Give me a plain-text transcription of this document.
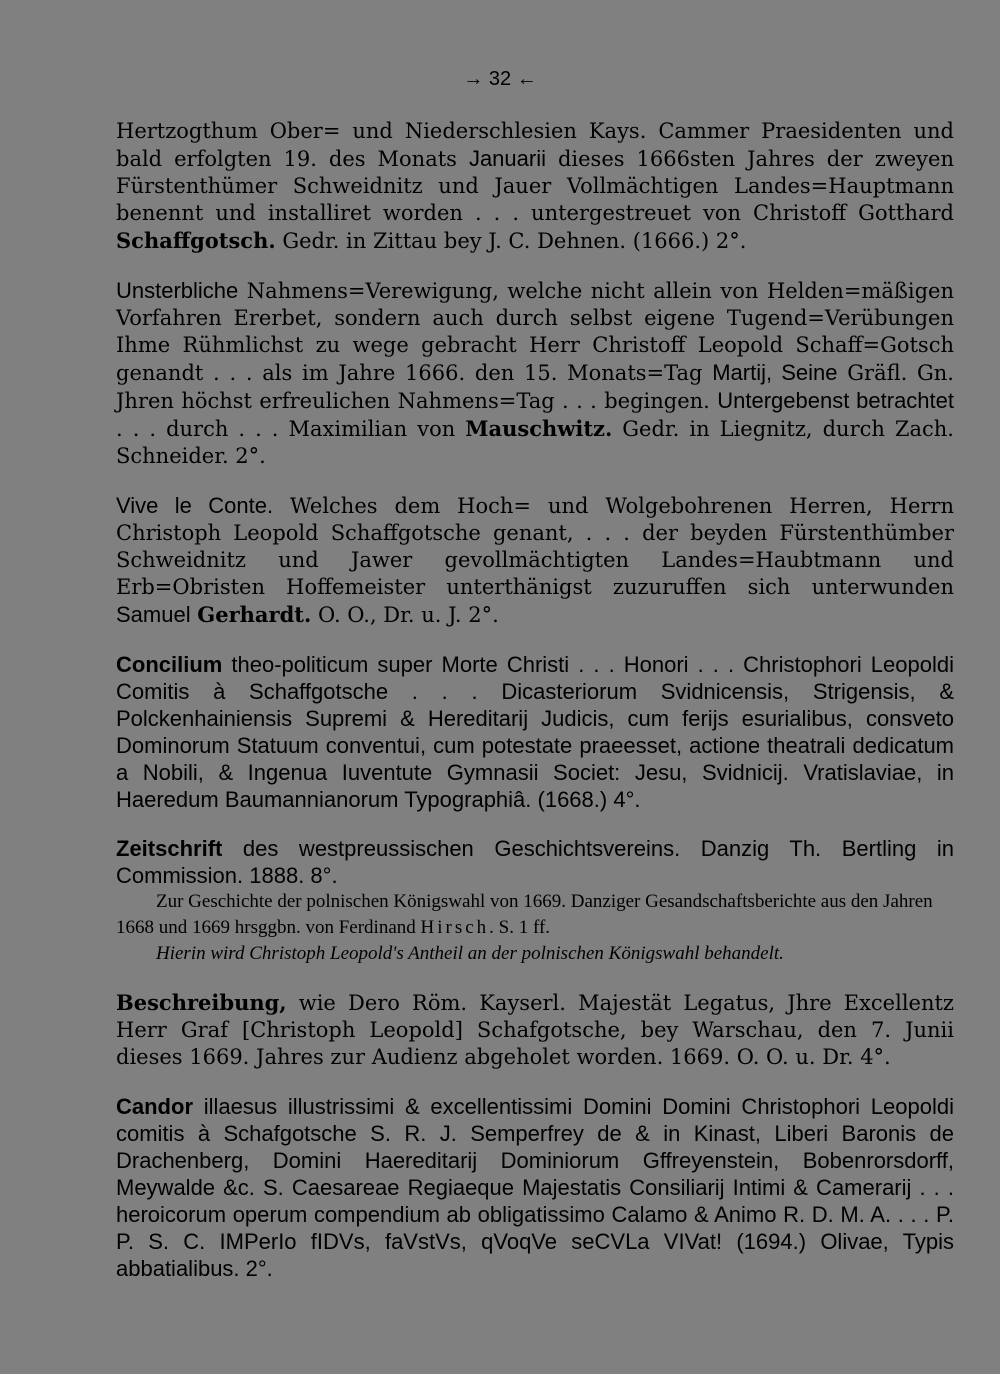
→ 32 ←

Hertzogthum Ober= und Niederschlesien Kays. Cammer Praesidenten und bald erfolgten 19. des Monats Januarii dieses 1666sten Jahres der zweyen Fürstenthümer Schweidnitz und Jauer Vollmächtigen Landes=Hauptmann benennt und installiret worden . . . untergestreuet von Christoff Gotthard Schaffgotsch. Gedr. in Zittau bey J. C. Dehnen. (1666.) 2°.

Unsterbliche Nahmens=Verewigung, welche nicht allein von Helden=mäßigen Vorfahren Ererbet, sondern auch durch selbst eigene Tugend=Verübungen Ihme Rühmlichst zu wege gebracht Herr Christoff Leopold Schaff=Gotsch genandt . . . als im Jahre 1666. den 15. Monats=Tag Martij, Seine Gräfl. Gn. Jhren höchst erfreulichen Nahmens=Tag . . . begingen. Untergebenst betrachtet . . . durch . . . Maximilian von Mauschwitz. Gedr. in Liegnitz, durch Zach. Schneider. 2°.

Vive le Conte. Welches dem Hoch= und Wolgebohrenen Herren, Herrn Christoph Leopold Schaffgotsche genant, . . . der beyden Fürstenthümber Schweidnitz und Jawer gevollmächtigten Landes=Haubtmann und Erb=Obristen Hoffemeister unterthänigst zuzuruffen sich unterwunden Samuel Gerhardt. O. O., Dr. u. J. 2°.

Concilium theo-politicum super Morte Christi . . . Honori . . . Christophori Leopoldi Comitis à Schaffgotsche . . . Dicasteriorum Svidnicensis, Strigensis, & Polckenhainiensis Supremi & Hereditarij Judicis, cum ferijs esurialibus, consveto Dominorum Statuum conventui, cum potestate praeesset, actione theatrali dedicatum a Nobili, & Ingenua Iuventute Gymnasii Societ: Jesu, Svidnicij. Vratislaviae, in Haeredum Baumannianorum Typographiâ. (1668.) 4°.

Zeitschrift des westpreussischen Geschichtsvereins. Danzig Th. Bertling in Commission. 1888. 8°.

Zur Geschichte der polnischen Königswahl von 1669. Danziger Gesandschaftsberichte aus den Jahren 1668 und 1669 hrsggbn. von Ferdinand Hirsch. S. 1 ff.

Hierin wird Christoph Leopold's Antheil an der polnischen Königswahl behandelt.

Beschreibung, wie Dero Röm. Kayserl. Majestät Legatus, Jhre Excellentz Herr Graf [Christoph Leopold] Schafgotsche, bey Warschau, den 7. Junii dieses 1669. Jahres zur Audienz abgeholet worden. 1669. O. O. u. Dr. 4°.

Candor illaesus illustrissimi & excellentissimi Domini Domini Christophori Leopoldi comitis à Schafgotsche S. R. J. Semperfrey de & in Kinast, Liberi Baronis de Drachenberg, Domini Haereditarij Dominiorum Gffreyenstein, Bobenrorsdorff, Meywalde &c. S. Caesareae Regiaeque Majestatis Consiliarij Intimi & Camerarij . . . heroicorum operum compendium ab obligatissimo Calamo & Animo R. D. M. A. . . . P. P. S. C. IMPerIo fIDVs, faVstVs, qVoqVe seCVLa VIVat! (1694.) Olivae, Typis abbatialibus. 2°.
